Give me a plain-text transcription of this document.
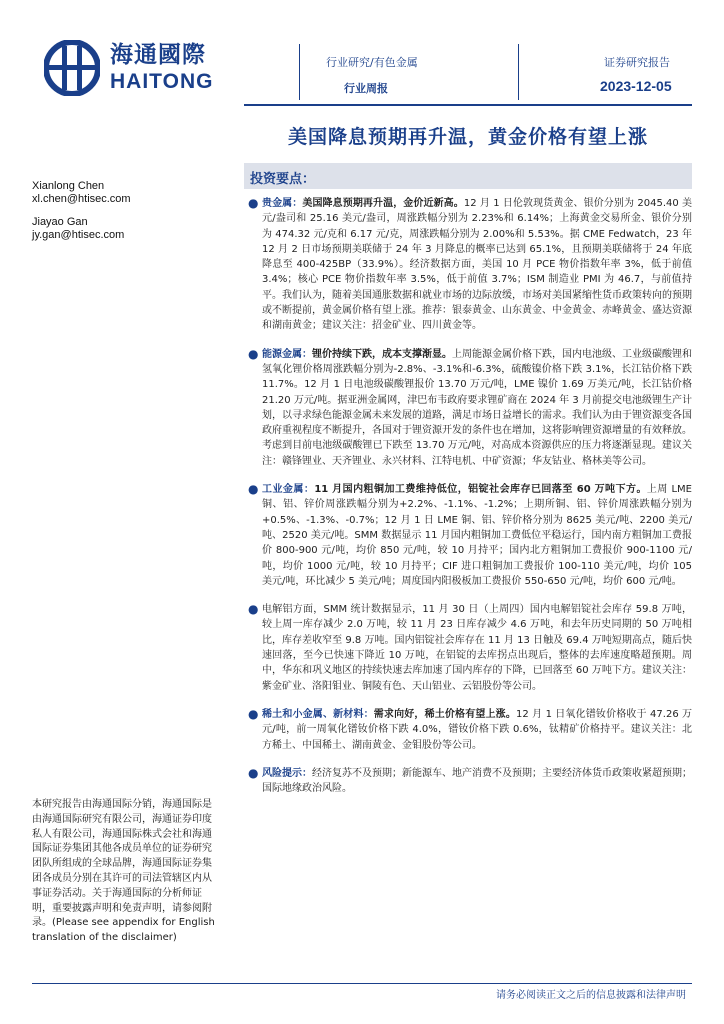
海通國際
HAITONG
行业研究/有色金属
行业周报
证券研究报告
2023-12-05
美国降息预期再升温，黄金价格有望上涨
投资要点：
Xianlong Chen
xl.chen@htisec.com
Jiayao Gan
jy.gan@htisec.com
● 贵金属：美国降息预期再升温，金价近新高。12 月 1 日伦敦现货黄金、银价分别为 2045.40 美元/盎司和 25.16 美元/盎司，周涨跌幅分别为 2.23%和 6.14%；上海黄金交易所金、银价分别为 474.32 元/克和 6.17 元/克，周涨跌幅分别为 2.00%和 5.53%。据 CME Fedwatch，23 年 12 月 2 日市场预期美联储于 24 年 3 月降息的概率已达到 65.1%，且预期美联储将于 24 年底降息至 400-425BP（33.9%）。经济数据方面，美国 10 月 PCE 物价指数年率 3%，低于前值 3.4%；核心 PCE 物价指数年率 3.5%，低于前值 3.7%；ISM 制造业 PMI 为 46.7，与前值持平。我们认为，随着美国通胀数据和就业市场的边际放缓，市场对美国紧缩性货币政策转向的预期或不断提前，黄金属价格有望上涨。推荐：银泰黄金、山东黄金、中金黄金、赤峰黄金、盛达资源和湖南黄金；建议关注：招金矿业、四川黄金等。
● 能源金属：锂价持续下跌，成本支撑渐显。上周能源金属价格下跌，国内电池级、工业级碳酸锂和氢氧化锂价格周涨跌幅分别为-2.8%、-3.1%和-6.3%，硫酸镍价格下跌 3.1%，长江钴价格下跌 11.7%。12 月 1 日电池级碳酸锂报价 13.70 万元/吨，LME 镍价 1.69 万美元/吨，长江钴价格 21.20 万元/吨。据亚洲金属网，津巴布韦政府要求锂矿商在 2024 年 3 月前提交电池级锂生产计划，以寻求绿色能源金属未来发展的道路，满足市场日益增长的需求。我们认为由于锂资源变各国政府重视程度不断提升，各国对于锂资源开发的条件也在增加，这将影响锂资源增量的有效释放。考虑到目前电池级碳酸锂已下跌至 13.70 万元/吨，对高成本资源供应的压力将逐渐显现。建议关注：赣锋锂业、天齐锂业、永兴材料、江特电机、中矿资源；华友钴业、格林美等公司。
● 工业金属：11 月国内粗铜加工费维持低位，铝锭社会库存已回落至 60 万吨下方。上周 LME 铜、铝、锌价周涨跌幅分别为+2.2%、-1.1%、-1.2%；上期所铜、铝、锌价周涨跌幅分别为+0.5%、-1.3%、-0.7%；12 月 1 日 LME 铜、铝、锌价格分别为 8625 美元/吨、2200 美元/吨、2520 美元/吨。SMM 数据显示 11 月国内粗铜加工费低位平稳运行，国内南方粗铜加工费报价 800-900 元/吨，均价 850 元/吨，较 10 月持平；国内北方粗铜加工费报价 900-1100 元/吨，均价 1000 元/吨，较 10 月持平；CIF 进口粗铜加工费报价 100-110 美元/吨，均价 105 美元/吨，环比减少 5 美元/吨；周度国内阳极板加工费报价 550-650 元/吨，均价 600 元/吨。
● 电解铝方面，SMM 统计数据显示，11 月 30 日（上周四）国内电解铝锭社会库存 59.8 万吨，较上周一库存减少 2.0 万吨，较 11 月 23 日库存减少 4.6 万吨，和去年历史同期的 50 万吨相比，库存差收窄至 9.8 万吨。国内铝锭社会库存在 11 月 13 日触及 69.4 万吨短期高点，随后快速回落，至今已快速下降近 10 万吨，在铝锭的去库拐点出现后，整体的去库速度略超预期。周中，华东和巩义地区的持续快速去库加速了国内库存的下降，已回落至 60 万吨下方。建议关注：紫金矿业、洛阳钼业、铜陵有色、天山铝业、云铝股份等公司。
● 稀土和小金属、新材料：需求向好，稀土价格有望上涨。12 月 1 日氧化镨钕价格收于 47.26 万元/吨，前一周氧化镨钕价格下跌 4.0%，镨钕价格下跌 0.6%，钛精矿价格持平。建议关注：北方稀土、中国稀土、湖南黄金、金钼股份等公司。
● 风险提示：经济复苏不及预期；新能源车、地产消费不及预期；主要经济体货币政策收紧超预期；国际地缘政治风险。
本研究报告由海通国际分销，海通国际是由海通国际研究有限公司，海通证券印度私人有限公司，海通国际株式会社和海通国际证券集团其他各成员单位的证券研究团队所组成的全球品牌，海通国际证券集团各成员分别在其许可的司法管辖区内从事证券活动。关于海通国际的分析师证明，重要披露声明和免责声明，请参阅附录。(Please see appendix for English translation of the disclaimer)
请务必阅读正文之后的信息披露和法律声明
